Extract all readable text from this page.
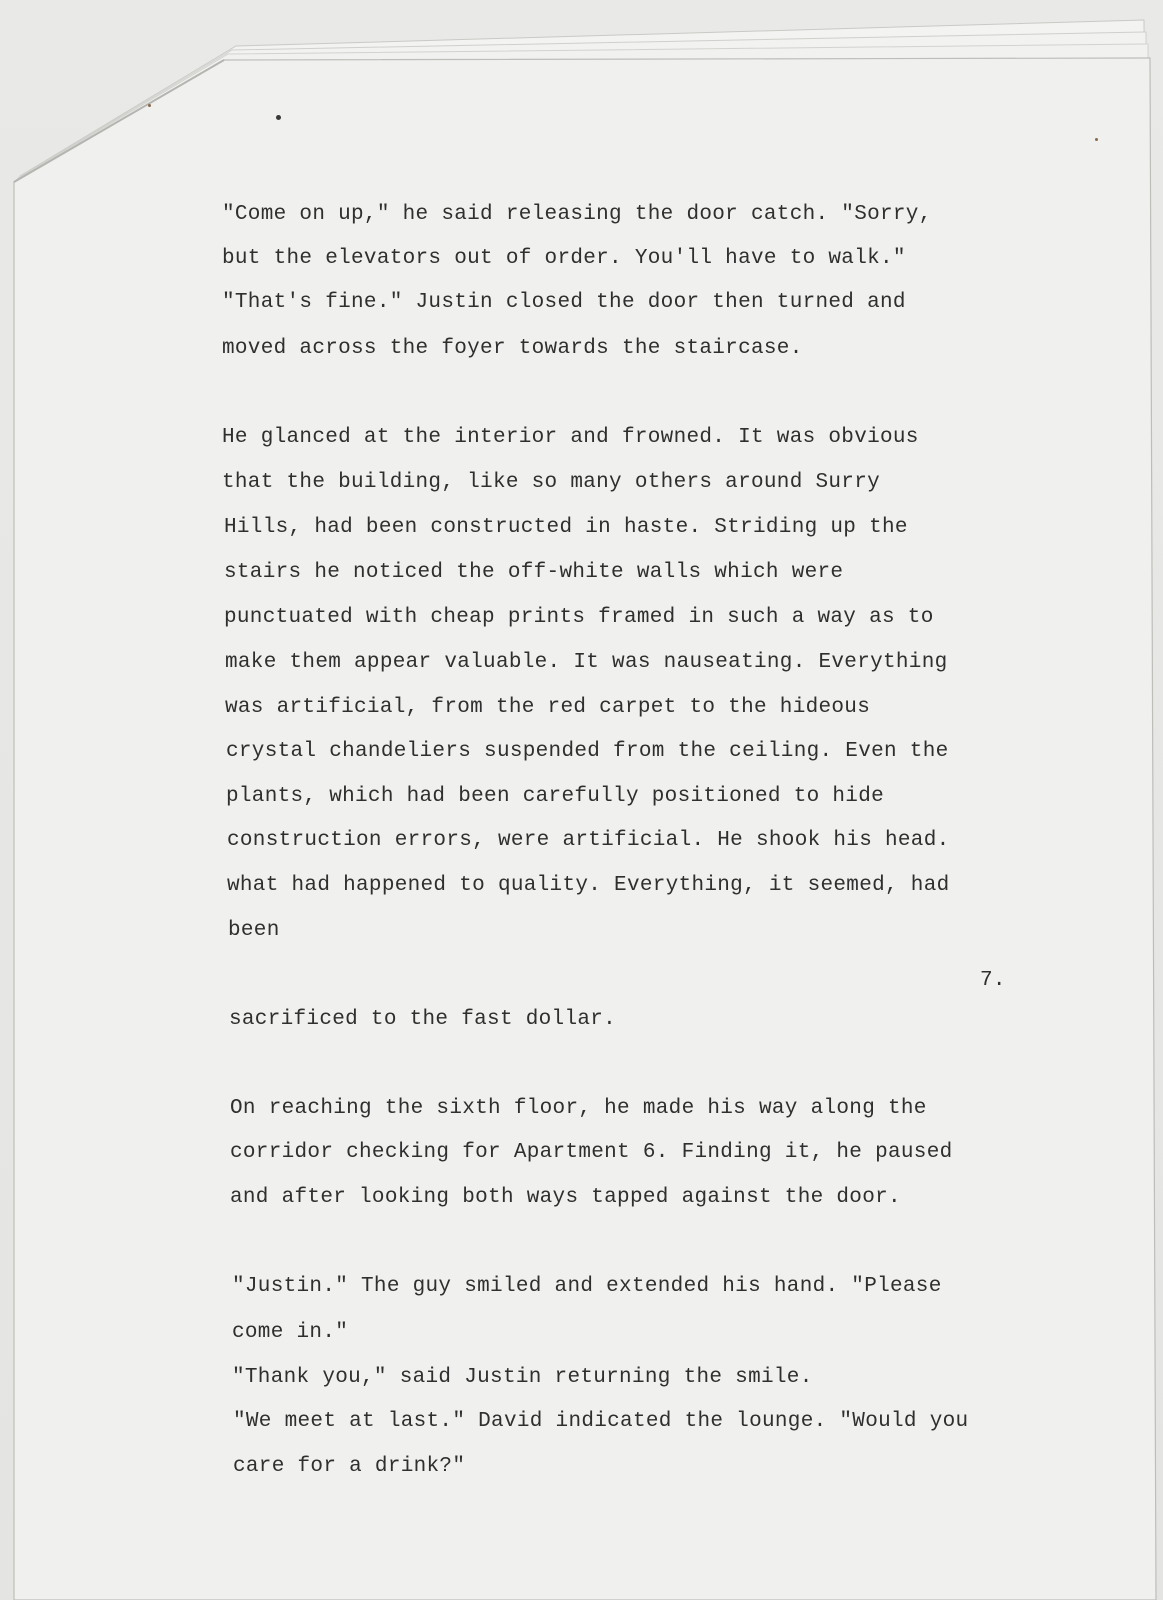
"Come on up," he said releasing the door catch. "Sorry,
but the elevators out of order. You'll have to walk."
"That's fine." Justin closed the door then turned and
moved across the foyer towards the staircase.
He glanced at the interior and frowned. It was obvious
that the building, like so many others around Surry
Hills, had been constructed in haste. Striding up the
stairs he noticed the off-white walls which were
punctuated with cheap prints framed in such a way as to
make them appear valuable. It was nauseating. Everything
was artificial, from the red carpet to the hideous
crystal chandeliers suspended from the ceiling. Even the
plants, which had been carefully positioned to hide
construction errors, were artificial. He shook his head.
what had happened to quality. Everything, it seemed, had
been
7.
sacrificed to the fast dollar.
On reaching the sixth floor, he made his way along the
corridor checking for Apartment 6. Finding it, he paused
and after looking both ways tapped against the door.
"Justin." The guy smiled and extended his hand. "Please
come in."
"Thank you," said Justin returning the smile.
"We meet at last." David indicated the lounge. "Would you
care for a drink?"
